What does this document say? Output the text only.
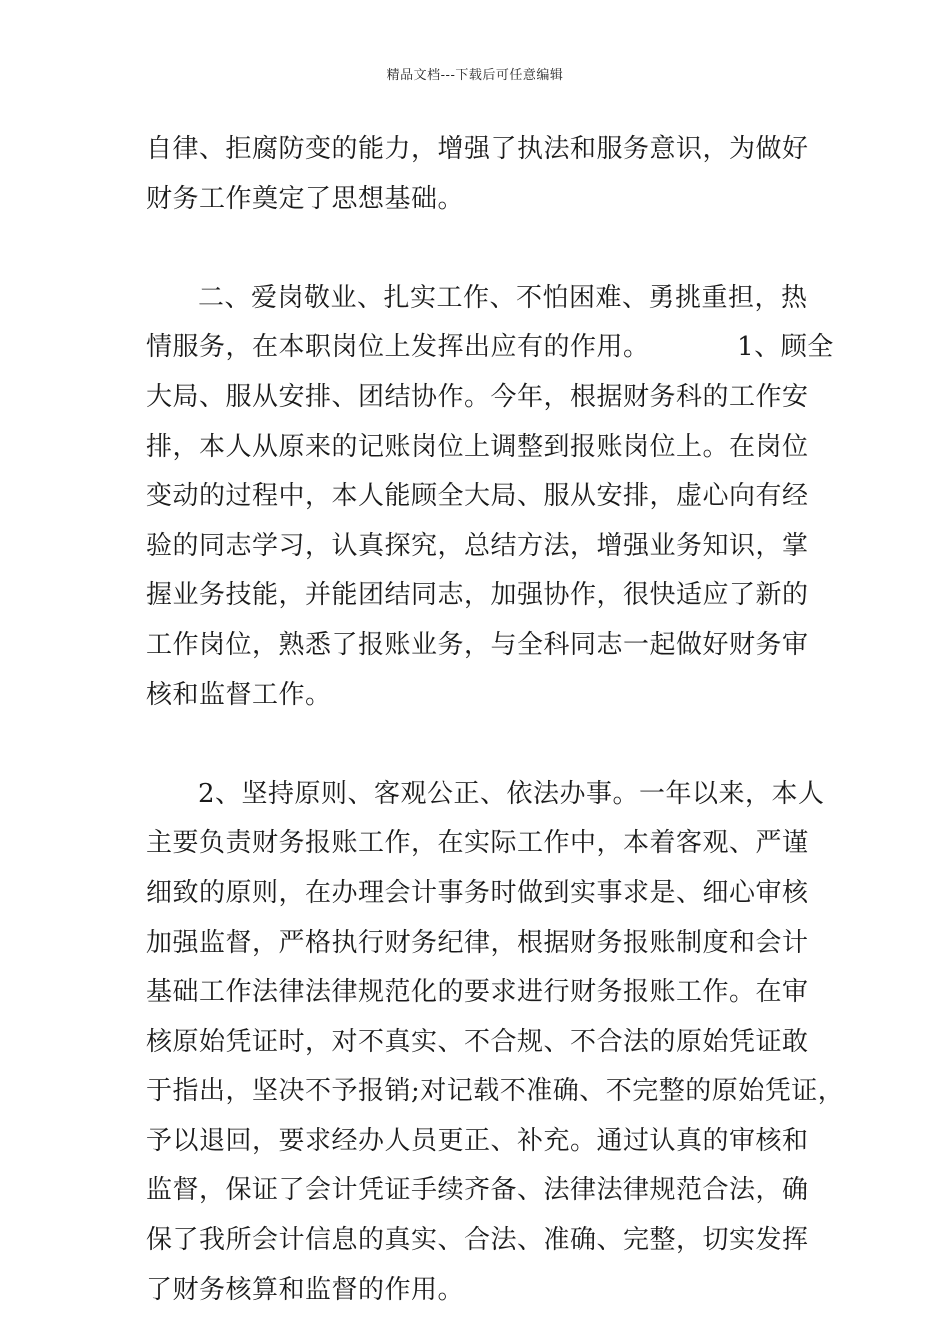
精品文档---下载后可任意编辑
自律、拒腐防变的能力，增强了执法和服务意识，为做好
财务工作奠定了思想基础。
二、爱岗敬业、扎实工作、不怕困难、勇挑重担，热
情服务，在本职岗位上发挥出应有的作用。          1、顾全
大局、服从安排、团结协作。今年，根据财务科的工作安
排，本人从原来的记账岗位上调整到报账岗位上。在岗位
变动的过程中，本人能顾全大局、服从安排，虚心向有经
验的同志学习，认真探究，总结方法，增强业务知识，掌
握业务技能，并能团结同志，加强协作，很快适应了新的
工作岗位，熟悉了报账业务，与全科同志一起做好财务审
核和监督工作。
2、坚持原则、客观公正、依法办事。一年以来，本人
主要负责财务报账工作，在实际工作中，本着客观、严谨
细致的原则，在办理会计事务时做到实事求是、细心审核
加强监督，严格执行财务纪律，根据财务报账制度和会计
基础工作法律法律规范化的要求进行财务报账工作。在审
核原始凭证时，对不真实、不合规、不合法的原始凭证敢
于指出，坚决不予报销;对记载不准确、不完整的原始凭证，
予以退回，要求经办人员更正、补充。通过认真的审核和
监督，保证了会计凭证手续齐备、法律法律规范合法，确
保了我所会计信息的真实、合法、准确、完整，切实发挥
了财务核算和监督的作用。
